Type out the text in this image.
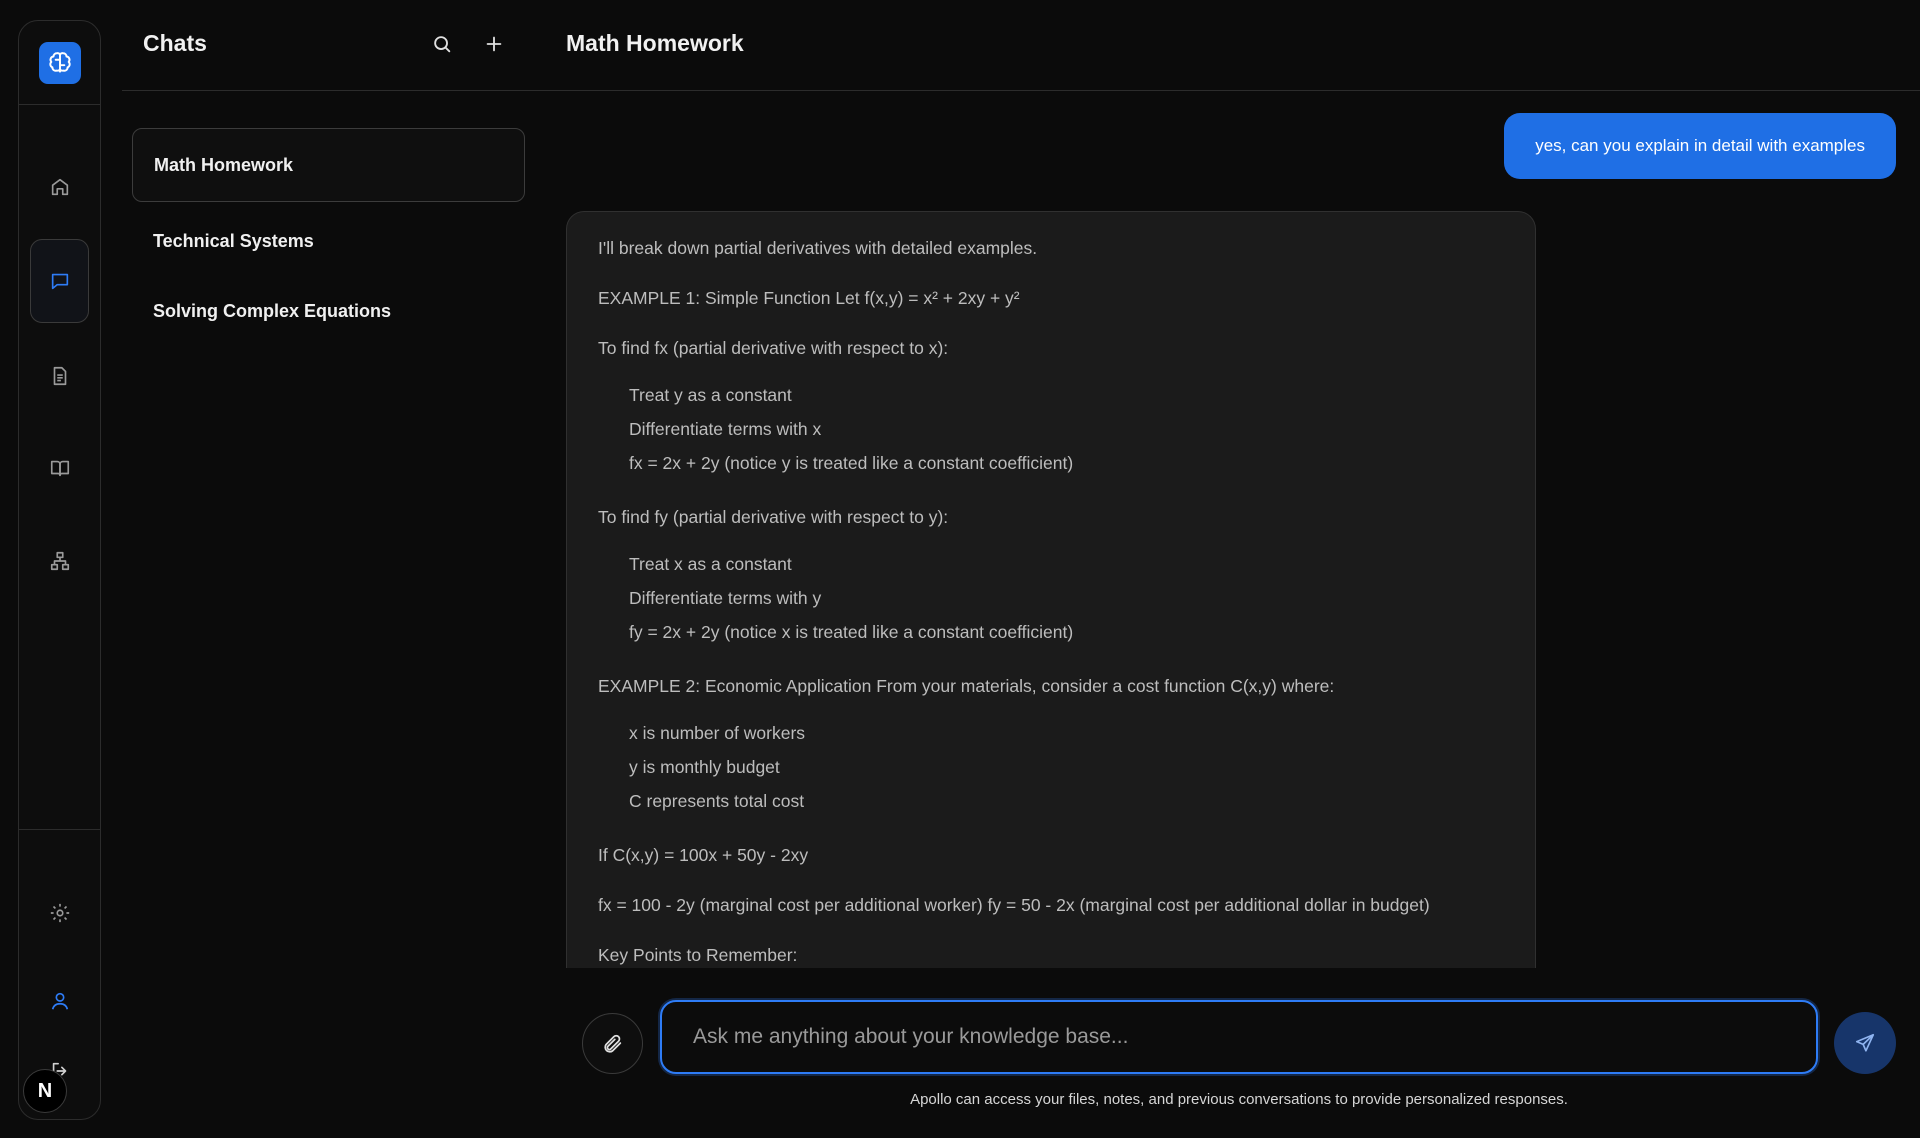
N
Chats	Math Homework
Math Homework
Technical Systems
Solving Complex Equations
yes, can you explain in detail with examples

I'll break down partial derivatives with detailed examples.

EXAMPLE 1: Simple Function Let f(x,y) = x² + 2xy + y²

To find fx (partial derivative with respect to x):

Treat y as a constant
Differentiate terms with x
fx = 2x + 2y (notice y is treated like a constant coefficient)

To find fy (partial derivative with respect to y):

Treat x as a constant
Differentiate terms with y
fy = 2x + 2y (notice x is treated like a constant coefficient)

EXAMPLE 2: Economic Application From your materials, consider a cost function C(x,y) where:

x is number of workers
y is monthly budget
C represents total cost

If C(x,y) = 100x + 50y - 2xy

fx = 100 - 2y (marginal cost per additional worker) fy = 50 - 2x (marginal cost per additional dollar in budget)

Key Points to Remember:

Ask me anything about your knowledge base...
Apollo can access your files, notes, and previous conversations to provide personalized responses.
